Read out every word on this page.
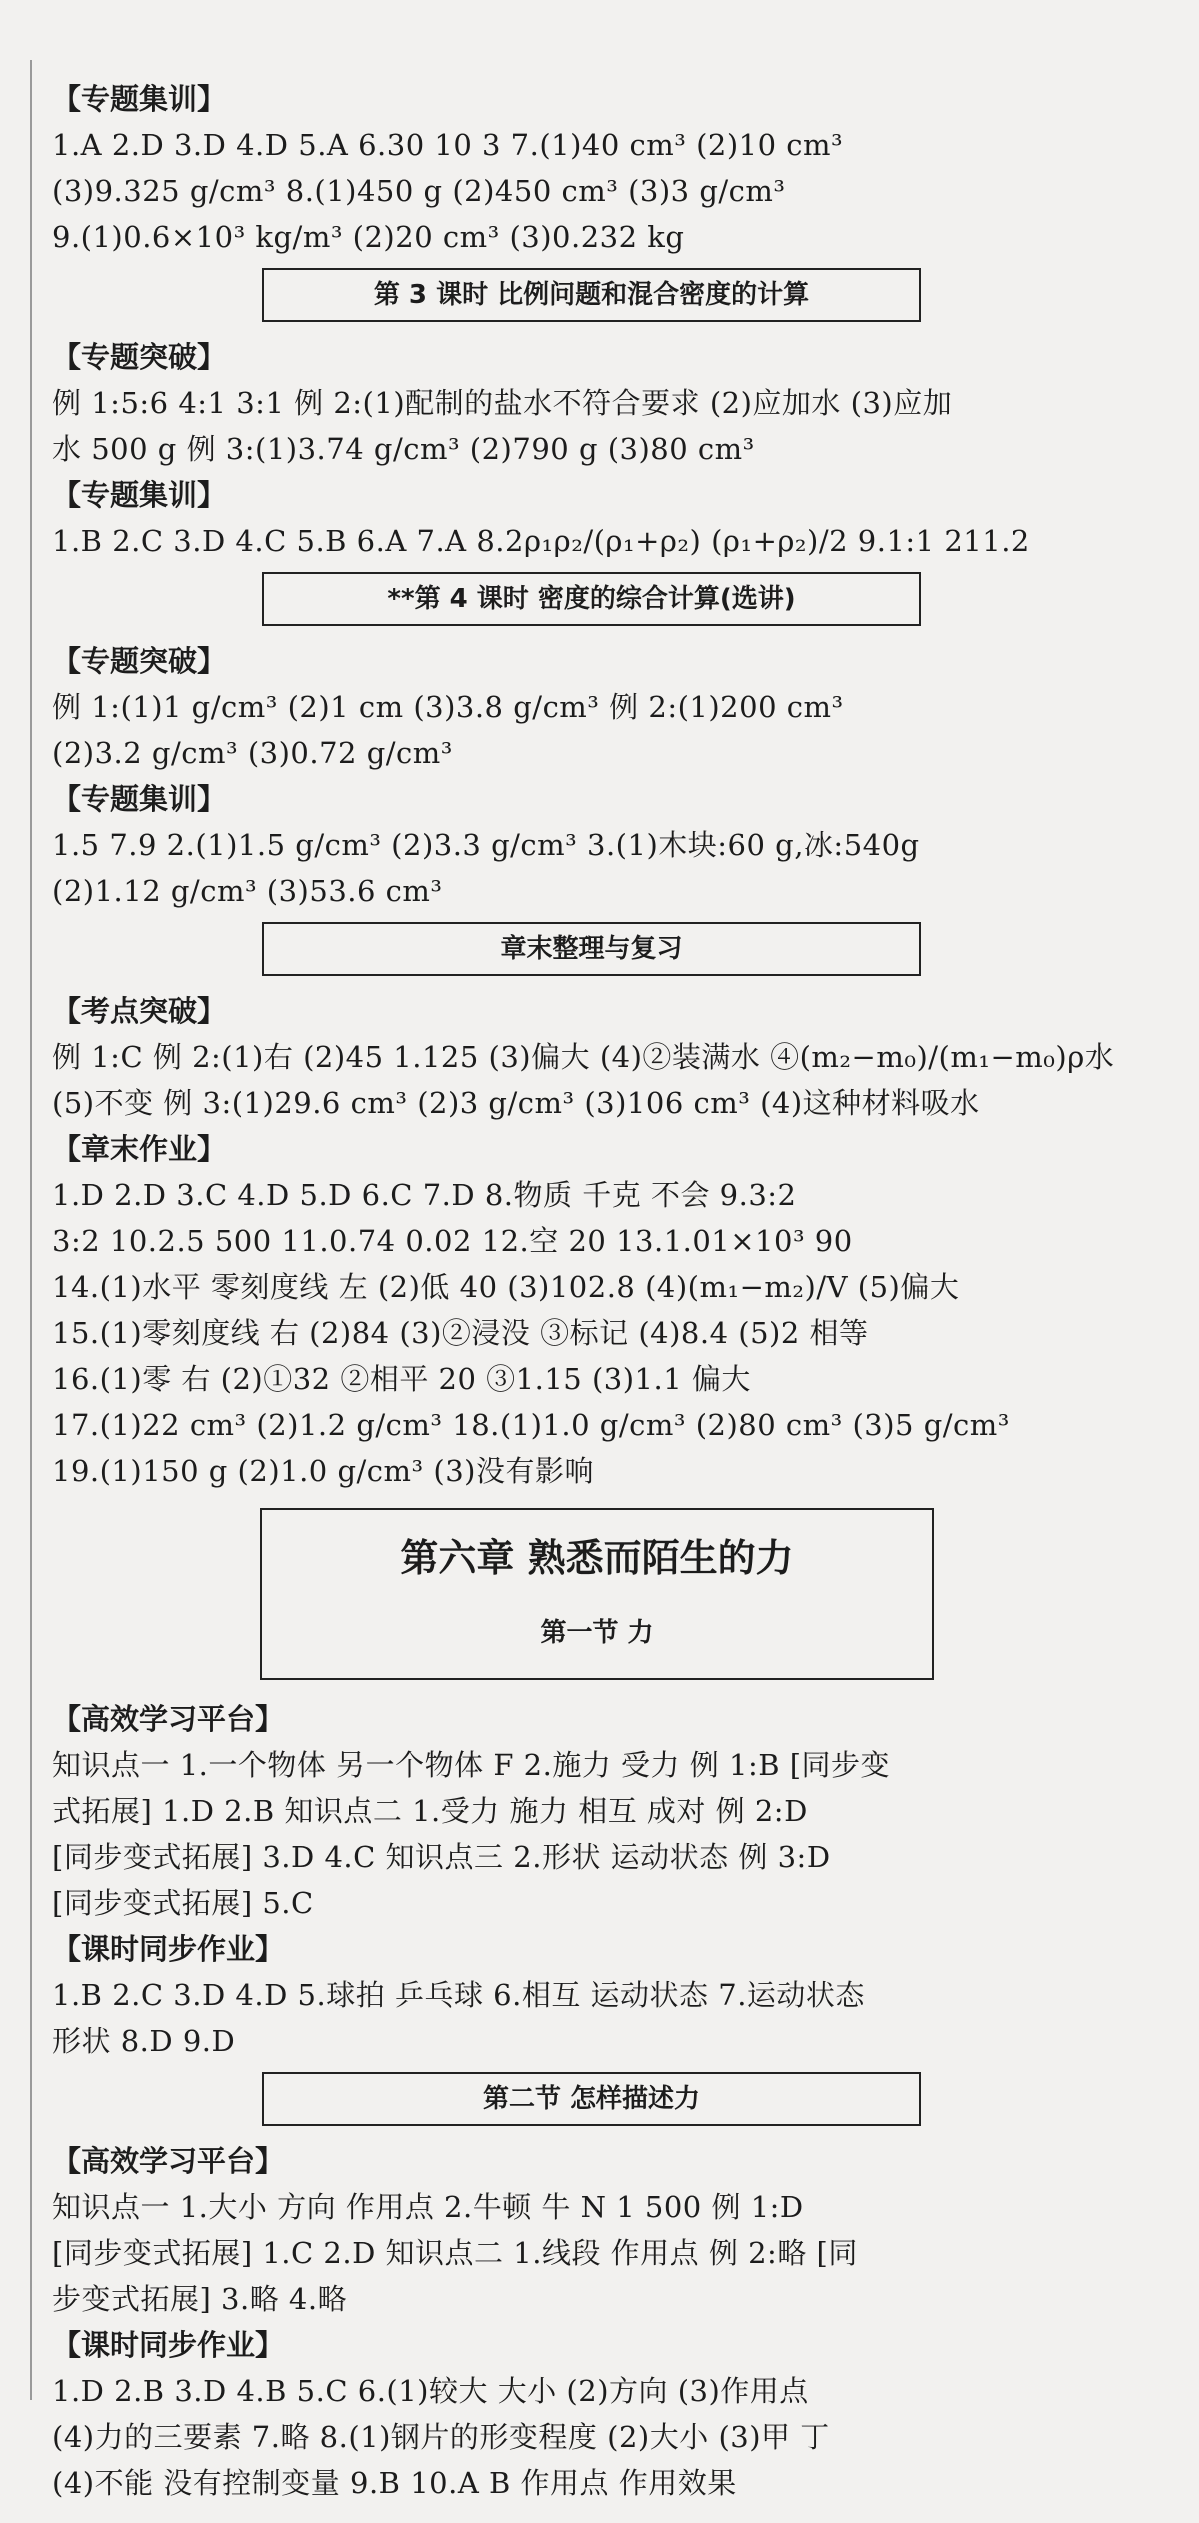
【专题集训】
1.A 2.D 3.D 4.D 5.A 6.30 10 3 7.(1)40 cm³ (2)10 cm³
(3)9.325 g/cm³ 8.(1)450 g (2)450 cm³ (3)3 g/cm³
9.(1)0.6×10³ kg/m³ (2)20 cm³ (3)0.232 kg
第 3 课时 比例问题和混合密度的计算
【专题突破】
例 1:5:6 4:1 3:1 例 2:(1)配制的盐水不符合要求 (2)应加水 (3)应加
水 500 g 例 3:(1)3.74 g/cm³ (2)790 g (3)80 cm³
【专题集训】
1.B 2.C 3.D 4.C 5.B 6.A 7.A 8.2ρ₁ρ₂/(ρ₁+ρ₂) (ρ₁+ρ₂)/2 9.1:1 211.2
**第 4 课时 密度的综合计算(选讲)
【专题突破】
例 1:(1)1 g/cm³ (2)1 cm (3)3.8 g/cm³ 例 2:(1)200 cm³
(2)3.2 g/cm³ (3)0.72 g/cm³
【专题集训】
1.5 7.9 2.(1)1.5 g/cm³ (2)3.3 g/cm³ 3.(1)木块:60 g,冰:540g
(2)1.12 g/cm³ (3)53.6 cm³
章末整理与复习
【考点突破】
例 1:C 例 2:(1)右 (2)45 1.125 (3)偏大 (4)②装满水 ④(m₂−m₀)/(m₁−m₀)ρ水
(5)不变 例 3:(1)29.6 cm³ (2)3 g/cm³ (3)106 cm³ (4)这种材料吸水
【章末作业】
1.D 2.D 3.C 4.D 5.D 6.C 7.D 8.物质 千克 不会 9.3:2
3:2 10.2.5 500 11.0.74 0.02 12.空 20 13.1.01×10³ 90
14.(1)水平 零刻度线 左 (2)低 40 (3)102.8 (4)(m₁−m₂)/V (5)偏大
15.(1)零刻度线 右 (2)84 (3)②浸没 ③标记 (4)8.4 (5)2 相等
16.(1)零 右 (2)①32 ②相平 20 ③1.15 (3)1.1 偏大
17.(1)22 cm³ (2)1.2 g/cm³ 18.(1)1.0 g/cm³ (2)80 cm³ (3)5 g/cm³
19.(1)150 g (2)1.0 g/cm³ (3)没有影响
第六章 熟悉而陌生的力
第一节 力
【高效学习平台】
知识点一 1.一个物体 另一个物体 F 2.施力 受力 例 1:B [同步变
式拓展] 1.D 2.B 知识点二 1.受力 施力 相互 成对 例 2:D
[同步变式拓展] 3.D 4.C 知识点三 2.形状 运动状态 例 3:D
[同步变式拓展] 5.C
【课时同步作业】
1.B 2.C 3.D 4.D 5.球拍 乒乓球 6.相互 运动状态 7.运动状态
形状 8.D 9.D
第二节 怎样描述力
【高效学习平台】
知识点一 1.大小 方向 作用点 2.牛顿 牛 N 1 500 例 1:D
[同步变式拓展] 1.C 2.D 知识点二 1.线段 作用点 例 2:略 [同
步变式拓展] 3.略 4.略
【课时同步作业】
1.D 2.B 3.D 4.B 5.C 6.(1)较大 大小 (2)方向 (3)作用点
(4)力的三要素 7.略 8.(1)钢片的形变程度 (2)大小 (3)甲 丁
(4)不能 没有控制变量 9.B 10.A B 作用点 作用效果
